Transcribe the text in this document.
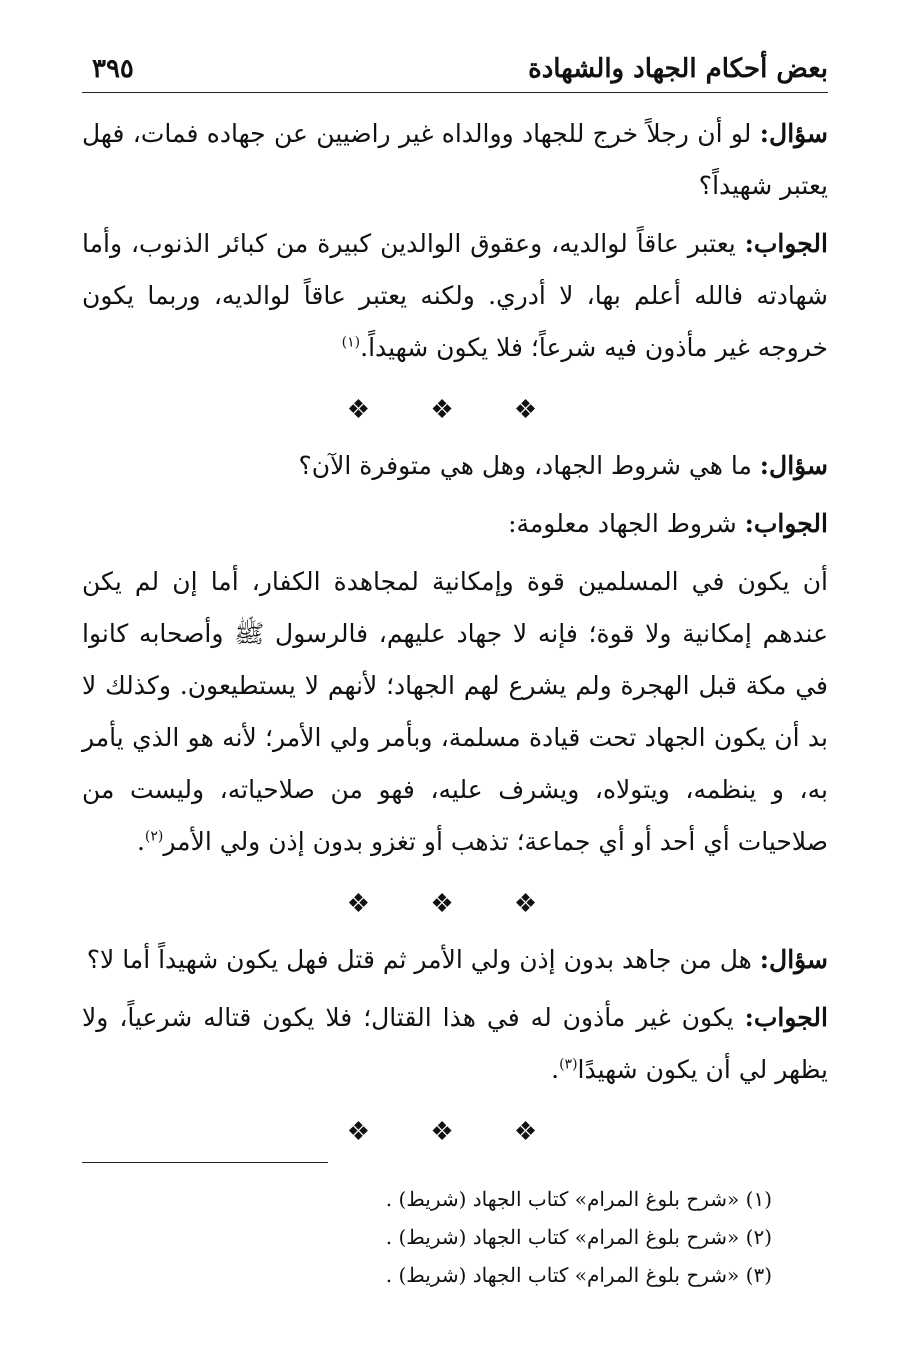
بعض أحكام الجهاد والشهادة
٣٩٥

سؤال: لو أن رجلاً خرج للجهاد ووالداه غير راضيين عن جهاده فمات، فهل يعتبر شهيداً؟

الجواب: يعتبر عاقاً لوالديه، وعقوق الوالدين كبيرة من كبائر الذنوب، وأما شهادته فالله أعلم بها، لا أدري. ولكنه يعتبر عاقاً لوالديه، وربما يكون خروجه غير مأذون فيه شرعاً؛ فلا يكون شهيداً.$^{(١)}$

❖ ❖ ❖

سؤال: ما هي شروط الجهاد، وهل هي متوفرة الآن؟

الجواب: شروط الجهاد معلومة:

أن يكون في المسلمين قوة وإمكانية لمجاهدة الكفار، أما إن لم يكن عندهم إمكانية ولا قوة؛ فإنه لا جهاد عليهم، فالرسول ﷺ وأصحابه كانوا في مكة قبل الهجرة ولم يشرع لهم الجهاد؛ لأنهم لا يستطيعون. وكذلك لا بد أن يكون الجهاد تحت قيادة مسلمة، وبأمر ولي الأمر؛ لأنه هو الذي يأمر به، و ينظمه، ويتولاه، ويشرف عليه، فهو من صلاحياته، وليست من صلاحيات أي أحد أو أي جماعة؛ تذهب أو تغزو بدون إذن ولي الأمر$^{(٢)}$.

❖ ❖ ❖

سؤال: هل من جاهد بدون إذن ولي الأمر ثم قتل فهل يكون شهيداً أما لا؟

الجواب: يكون غير مأذون له في هذا القتال؛ فلا يكون قتاله شرعياً، ولا يظهر لي أن يكون شهيدًا$^{(٣)}$.

❖ ❖ ❖
(١) «شرح بلوغ المرام» كتاب الجهاد (شريط) .
(٢) «شرح بلوغ المرام» كتاب الجهاد (شريط) .
(٣) «شرح بلوغ المرام» كتاب الجهاد (شريط) .
